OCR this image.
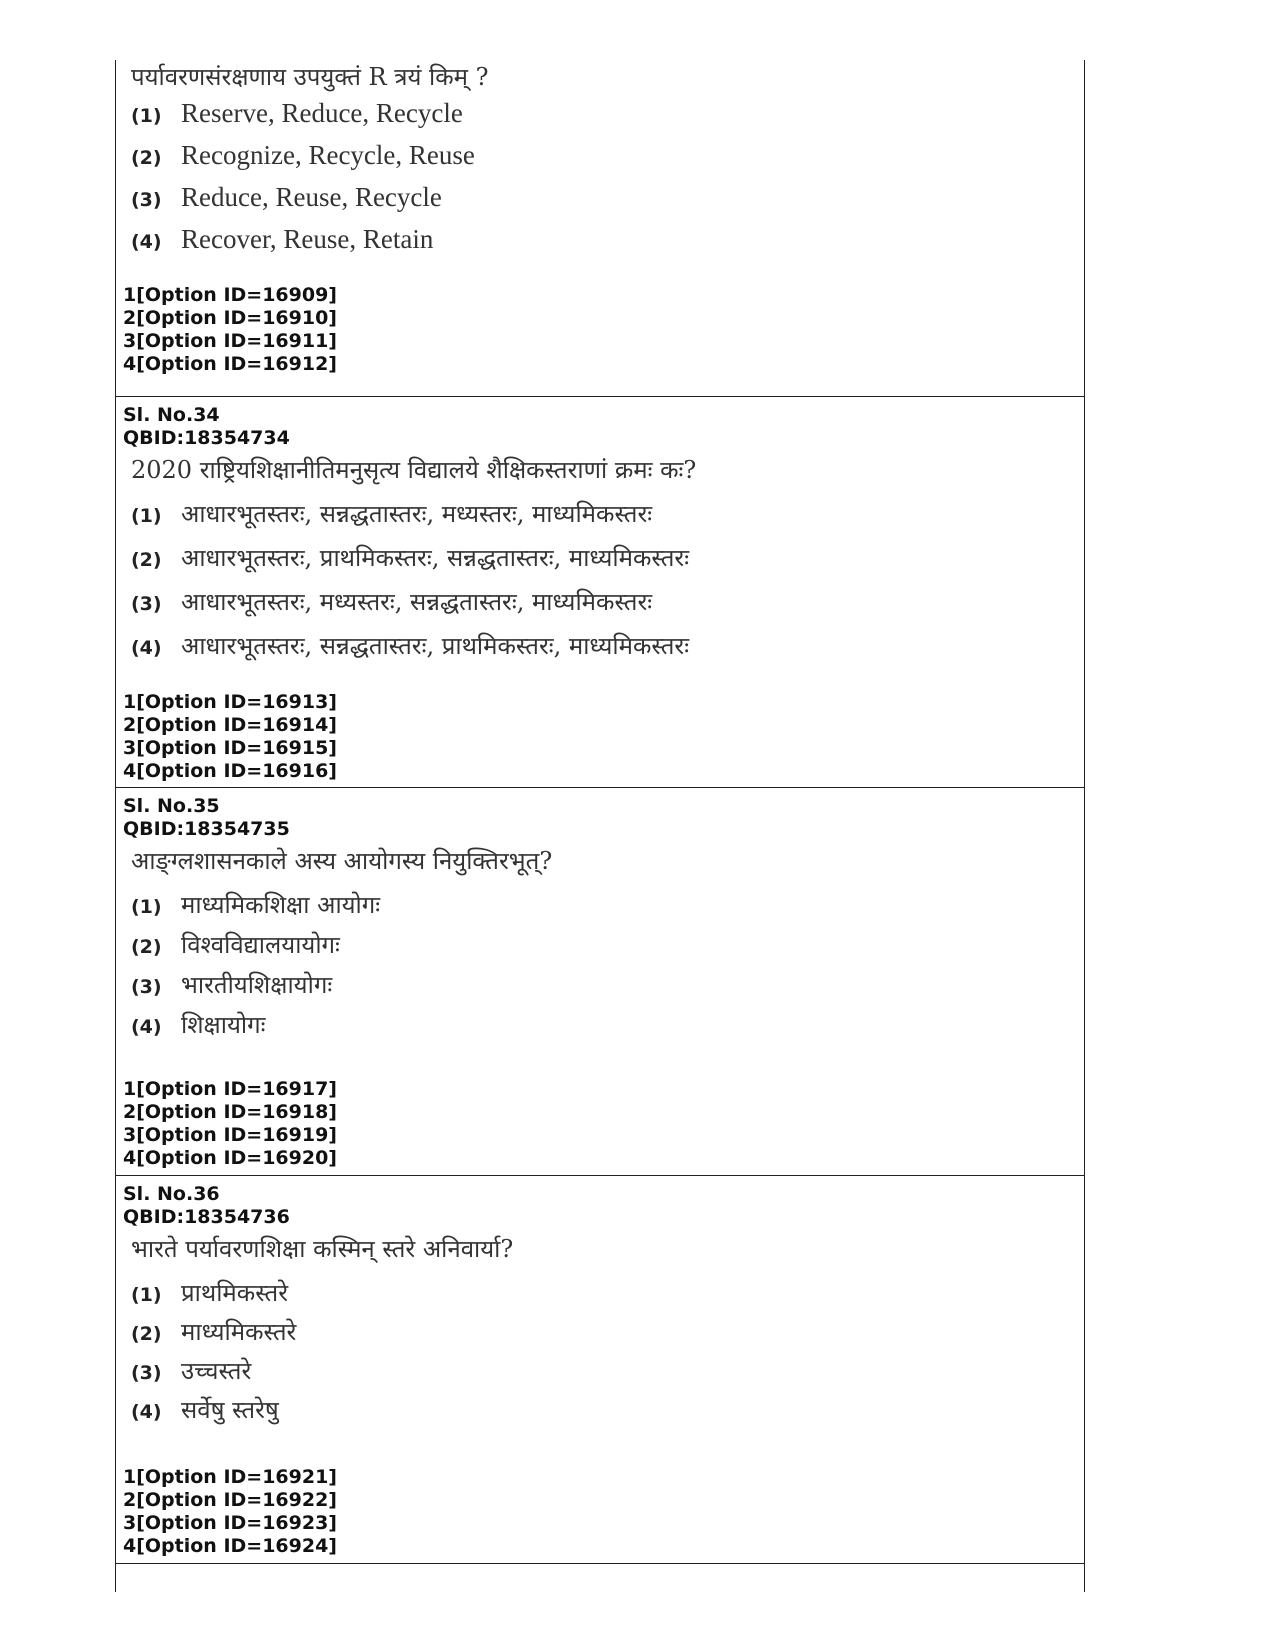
पर्यावरणसंरक्षणाय उपयुक्तं R त्रयं किम् ?
(1) Reserve, Reduce, Recycle
(2) Recognize, Recycle, Reuse
(3) Reduce, Reuse, Recycle
(4) Recover, Reuse, Retain
1[Option ID=16909]
2[Option ID=16910]
3[Option ID=16911]
4[Option ID=16912]
Sl. No.34
QBID:18354734
2020 राष्ट्रियशिक्षानीतिमनुसृत्य विद्यालये शैक्षिकस्तराणां क्रमः कः?
(1) आधारभूतस्तरः, सन्नद्धतास्तरः, मध्यस्तरः, माध्यमिकस्तरः
(2) आधारभूतस्तरः, प्राथमिकस्तरः, सन्नद्धतास्तरः, माध्यमिकस्तरः
(3) आधारभूतस्तरः, मध्यस्तरः, सन्नद्धतास्तरः, माध्यमिकस्तरः
(4) आधारभूतस्तरः, सन्नद्धतास्तरः, प्राथमिकस्तरः, माध्यमिकस्तरः
1[Option ID=16913]
2[Option ID=16914]
3[Option ID=16915]
4[Option ID=16916]
Sl. No.35
QBID:18354735
आङ्ग्लशासनकाले अस्य आयोगस्य नियुक्तिरभूत्?
(1) माध्यमिकशिक्षा आयोगः
(2) विश्वविद्यालयायोगः
(3) भारतीयशिक्षायोगः
(4) शिक्षायोगः
1[Option ID=16917]
2[Option ID=16918]
3[Option ID=16919]
4[Option ID=16920]
Sl. No.36
QBID:18354736
भारते पर्यावरणशिक्षा कस्मिन् स्तरे अनिवार्या?
(1) प्राथमिकस्तरे
(2) माध्यमिकस्तरे
(3) उच्चस्तरे
(4) सर्वेषु स्तरेषु
1[Option ID=16921]
2[Option ID=16922]
3[Option ID=16923]
4[Option ID=16924]
